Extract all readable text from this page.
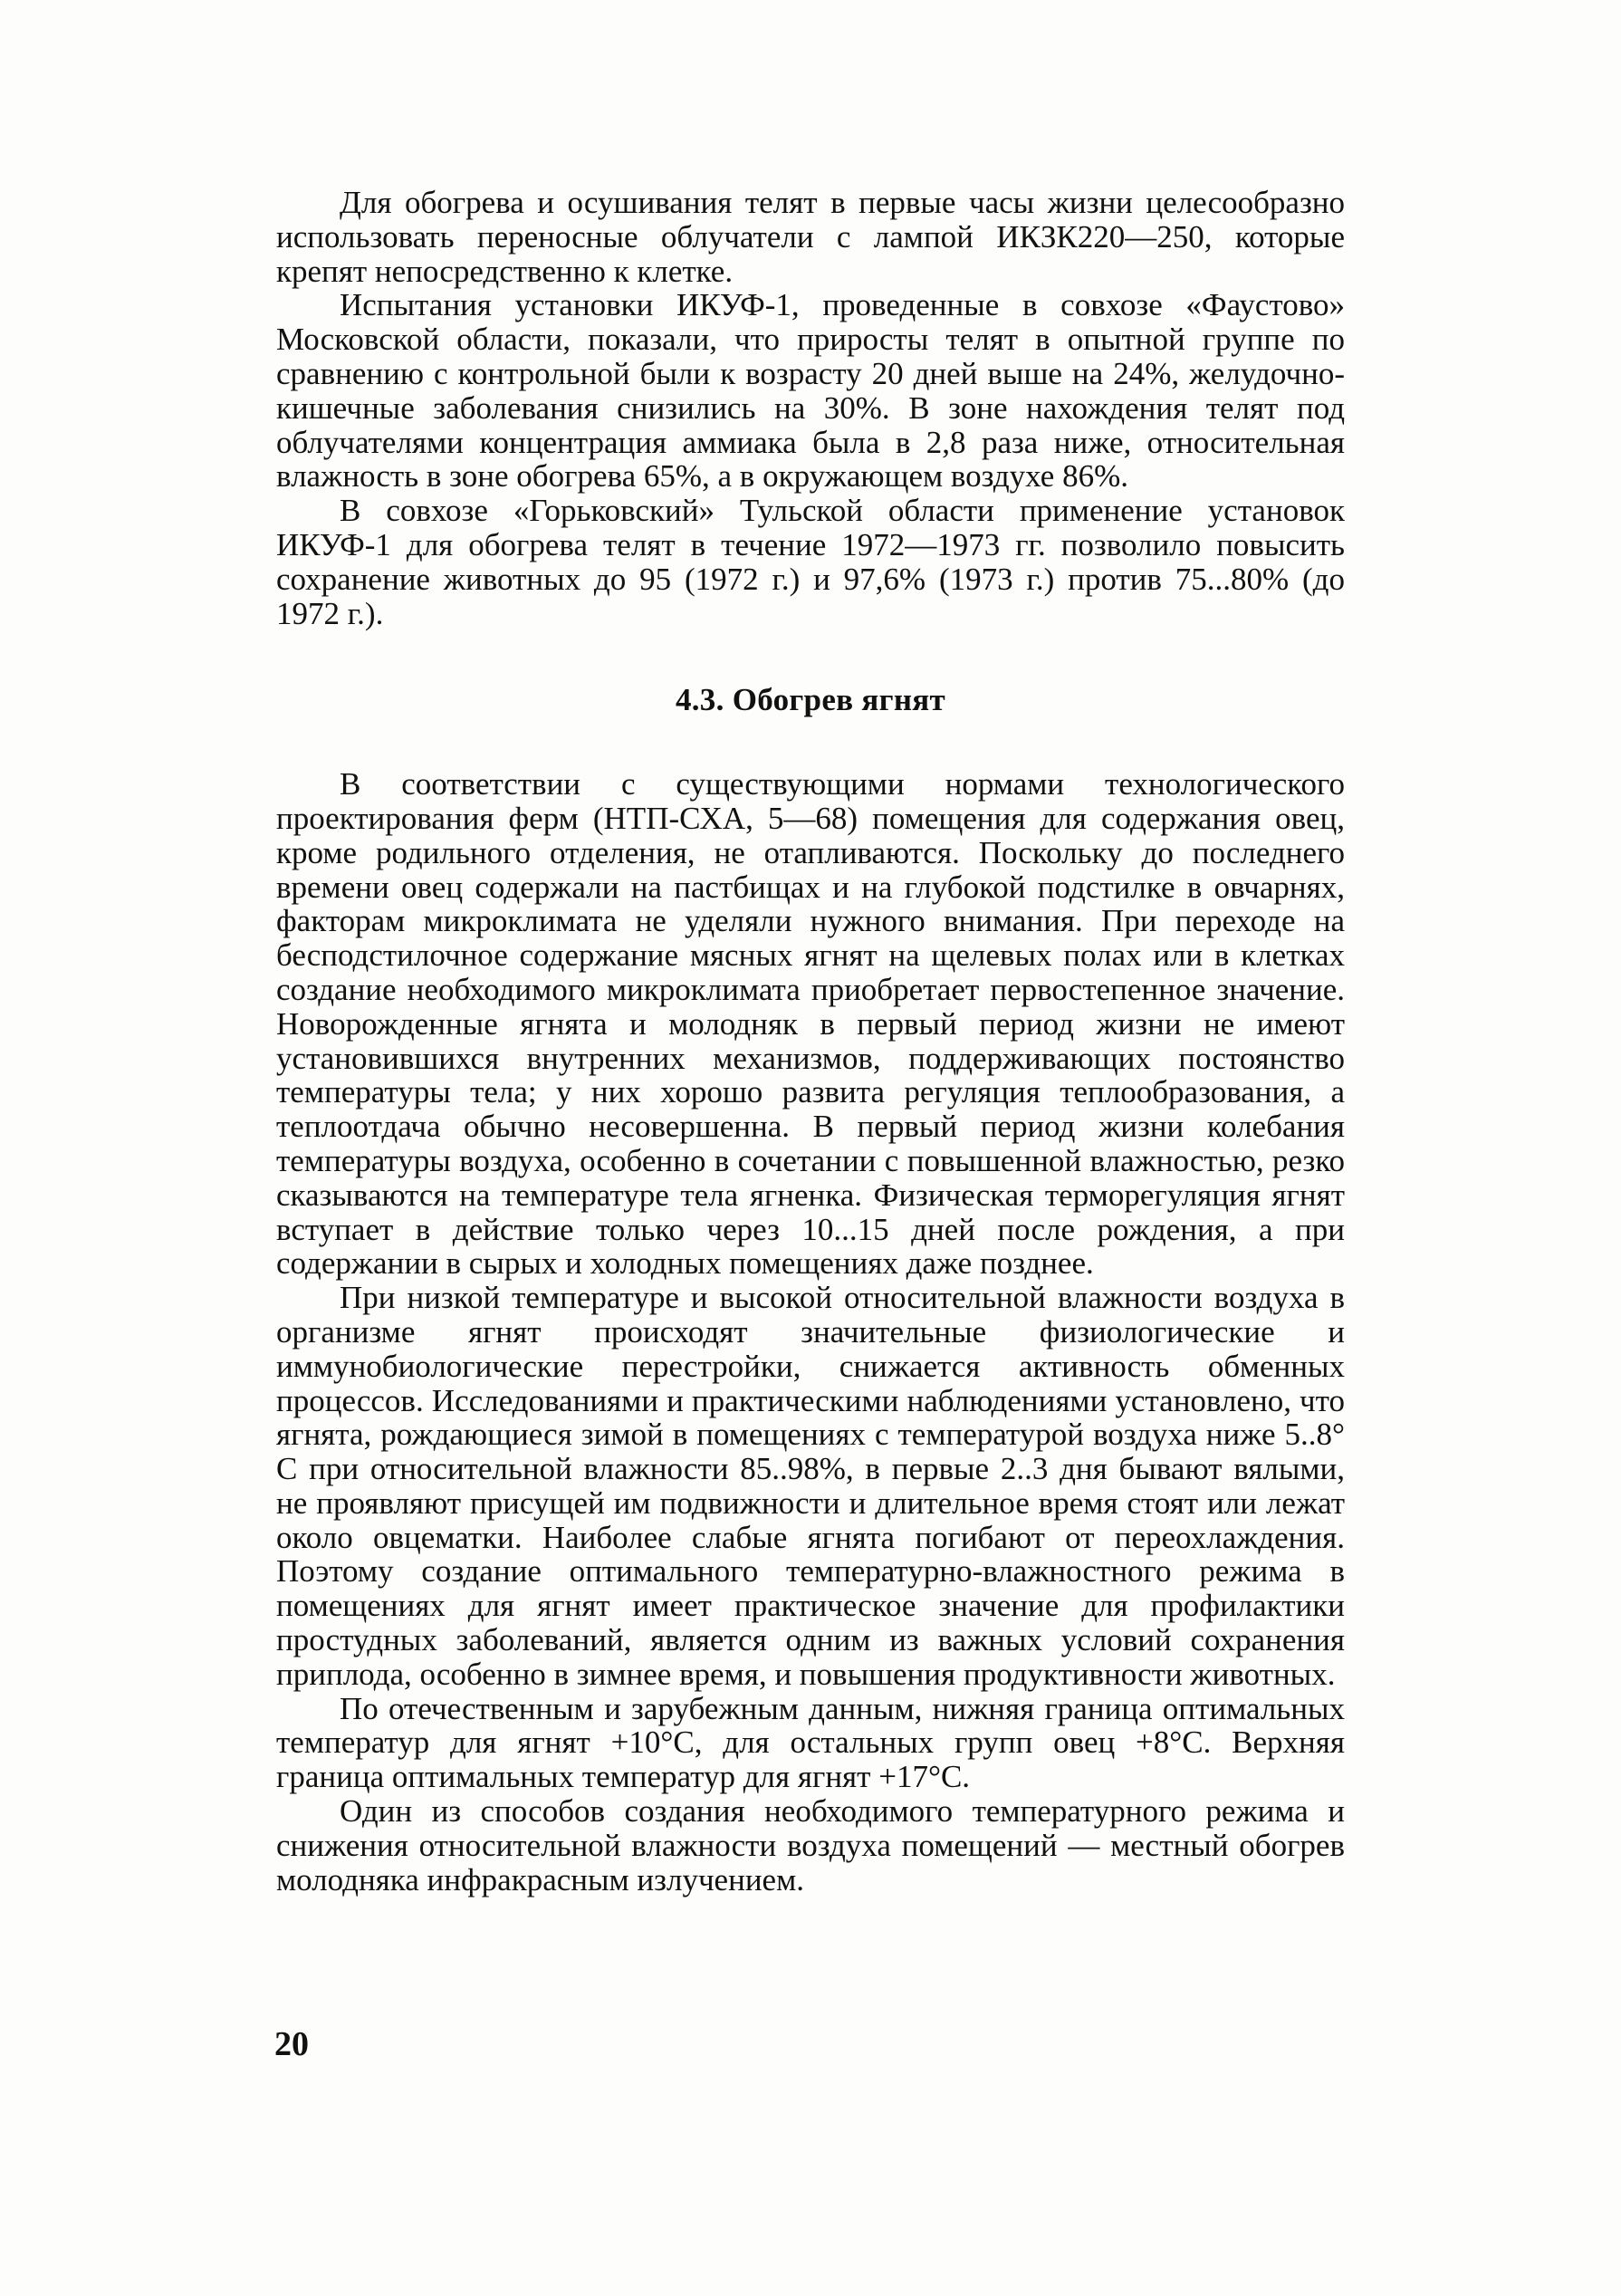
Для обогрева и осушивания телят в первые часы жизни целесообразно использовать переносные облучатели с лампой ИКЗК220—250, которые крепят непосредственно к клетке.

Испытания установки ИКУФ-1, проведенные в совхозе «Фаустово» Московской области, показали, что приросты телят в опытной группе по сравнению с контрольной были к возрасту 20 дней выше на 24%, желудочно-кишечные заболевания снизились на 30%. В зоне нахождения телят под облучателями концентрация аммиака была в 2,8 раза ниже, относительная влажность в зоне обогрева 65%, а в окружающем воздухе 86%.

В совхозе «Горьковский» Тульской области применение установок ИКУФ-1 для обогрева телят в течение 1972—1973 гг. позволило повысить сохранение животных до 95 (1972 г.) и 97,6% (1973 г.) против 75...80% (до 1972 г.).

4.3. Обогрев ягнят

В соответствии с существующими нормами технологического проектирования ферм (НТП-СХА, 5—68) помещения для содержания овец, кроме родильного отделения, не отапливаются. Поскольку до последнего времени овец содержали на пастбищах и на глубокой подстилке в овчарнях, факторам микроклимата не уделяли нужного внимания. При переходе на бесподстилочное содержание мясных ягнят на щелевых полах или в клетках создание необходимого микроклимата приобретает первостепенное значение. Новорожденные ягнята и молодняк в первый период жизни не имеют установившихся внутренних механизмов, поддерживающих постоянство температуры тела; у них хорошо развита регуляция теплообразования, а теплоотдача обычно несовершенна. В первый период жизни колебания температуры воздуха, особенно в сочетании с повышенной влажностью, резко сказываются на температуре тела ягненка. Физическая терморегуляция ягнят вступает в действие только через 10...15 дней после рождения, а при содержании в сырых и холодных помещениях даже позднее.

При низкой температуре и высокой относительной влажности воздуха в организме ягнят происходят значительные физиологические и иммунобиологические перестройки, снижается активность обменных процессов. Исследованиями и практическими наблюдениями установлено, что ягнята, рождающиеся зимой в помещениях с температурой воздуха ниже 5..8° С при относительной влажности 85..98%, в первые 2..3 дня бывают вялыми, не проявляют присущей им подвижности и длительное время стоят или лежат около овцематки. Наиболее слабые ягнята погибают от переохлаждения. Поэтому создание оптимального температурно-влажностного режима в помещениях для ягнят имеет практическое значение для профилактики простудных заболеваний, является одним из важных условий сохранения приплода, особенно в зимнее время, и повышения продуктивности животных.

По отечественным и зарубежным данным, нижняя граница оптимальных температур для ягнят +10°С, для остальных групп овец +8°С. Верхняя граница оптимальных температур для ягнят +17°С.

Один из способов создания необходимого температурного режима и снижения относительной влажности воздуха помещений — местный обогрев молодняка инфракрасным излучением.

20
